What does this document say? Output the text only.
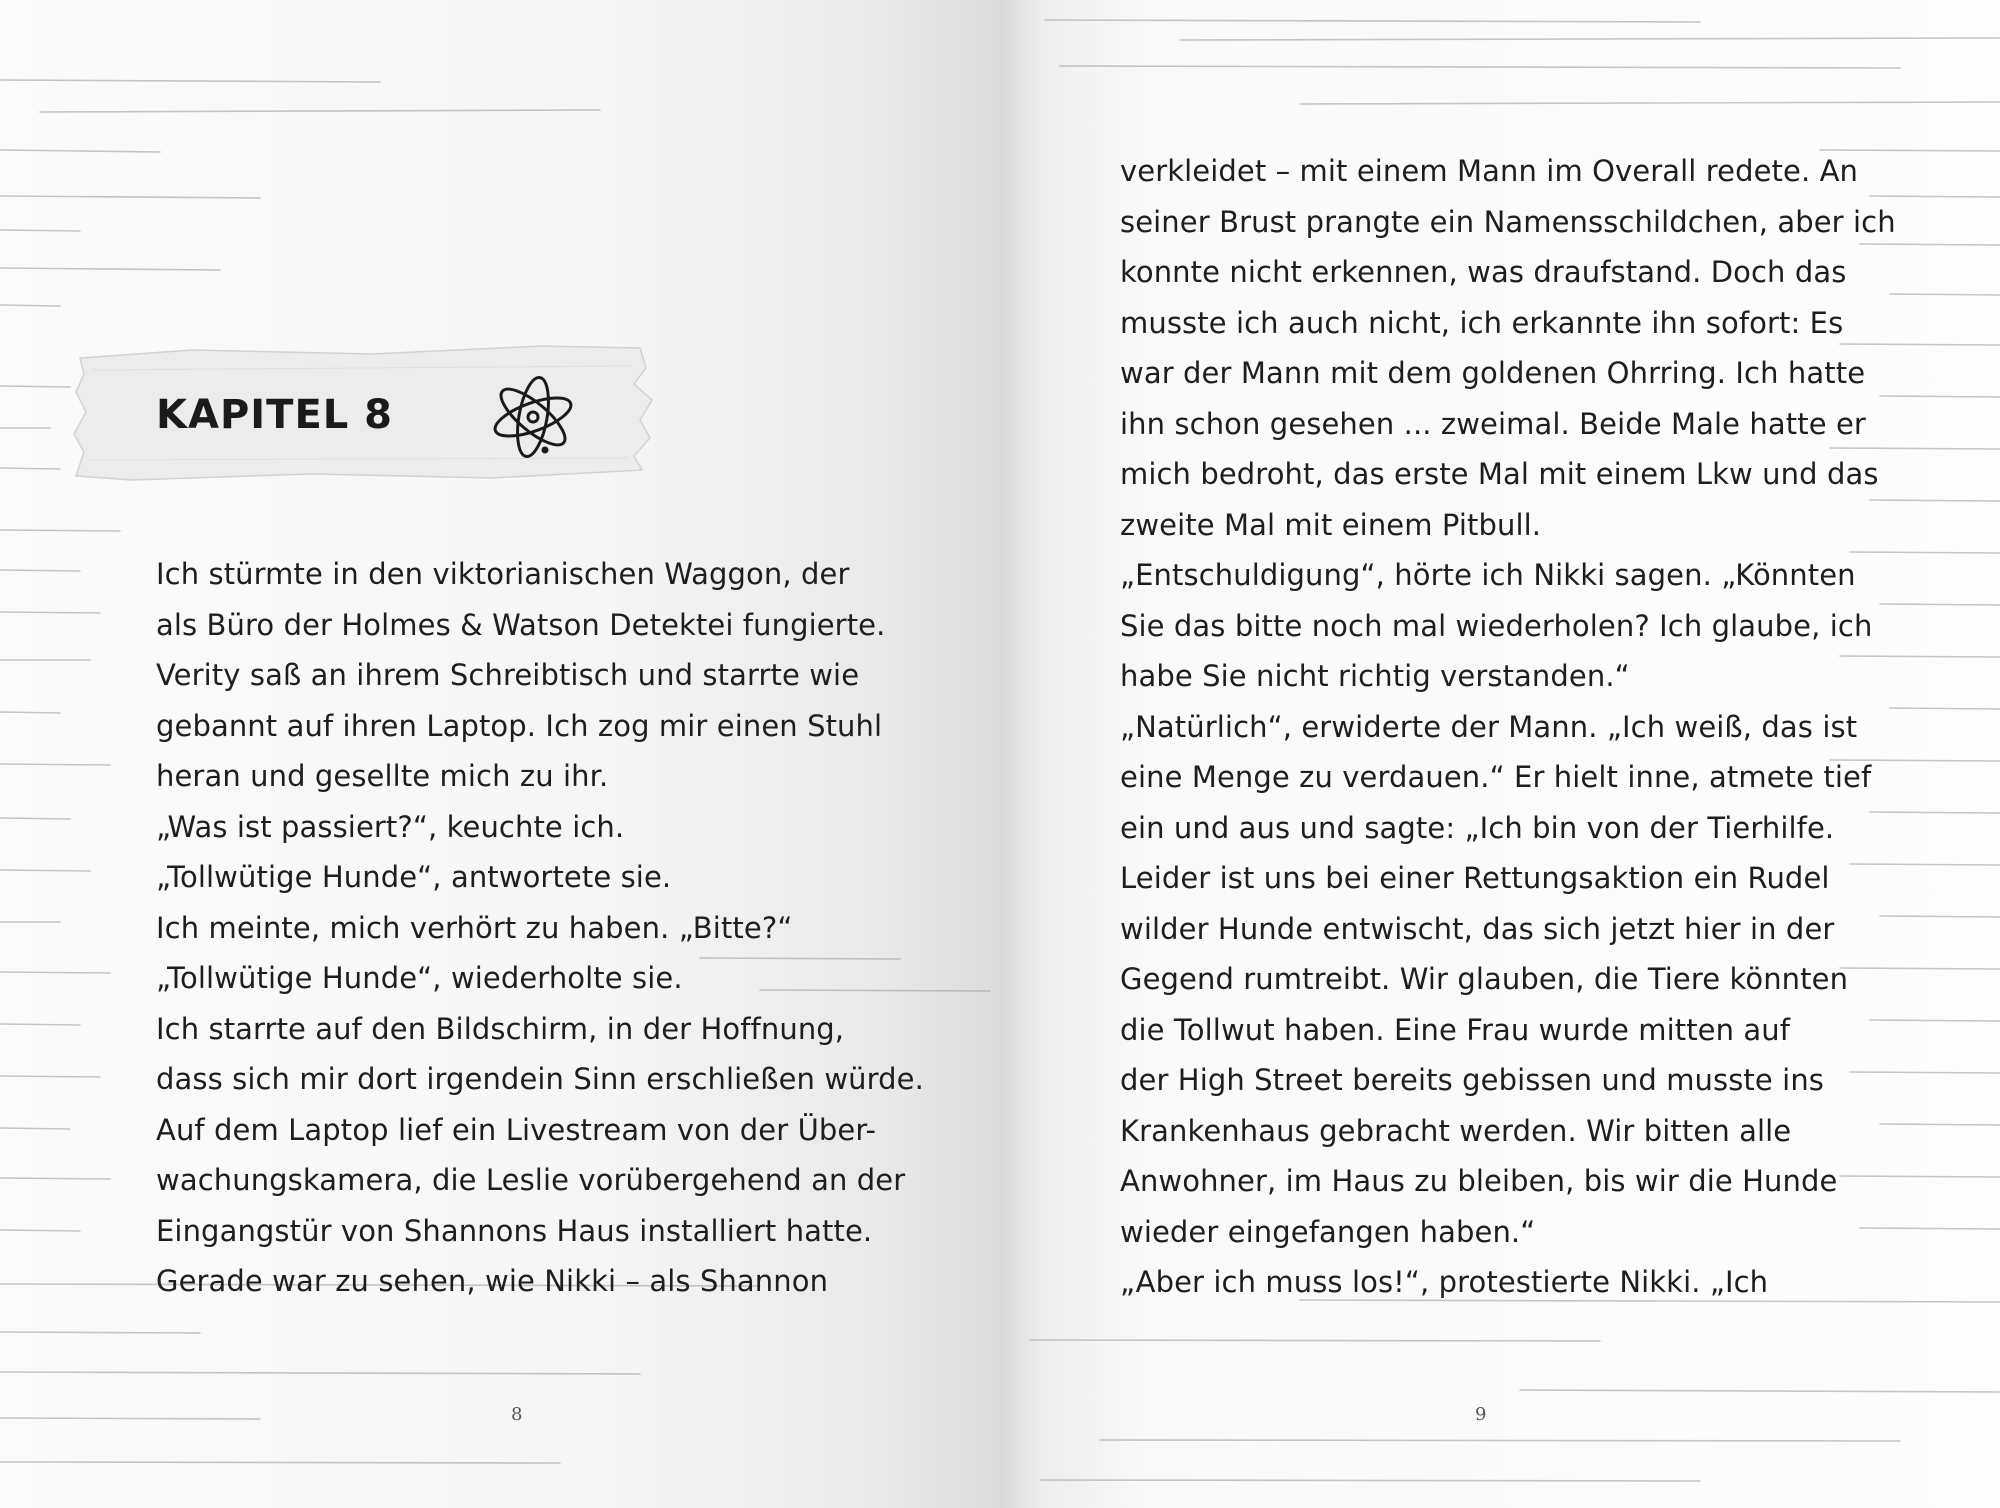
KAPITEL 8
Ich stürmte in den viktorianischen Waggon, der
als Büro der Holmes & Watson Detektei fungierte.
Verity saß an ihrem Schreibtisch und starrte wie
gebannt auf ihren Laptop. Ich zog mir einen Stuhl
heran und gesellte mich zu ihr.
„Was ist passiert?“, keuchte ich.
„Tollwütige Hunde“, antwortete sie.
Ich meinte, mich verhört zu haben. „Bitte?“
„Tollwütige Hunde“, wiederholte sie.
Ich starrte auf den Bildschirm, in der Hoffnung,
dass sich mir dort irgendein Sinn erschließen würde.
Auf dem Laptop lief ein Livestream von der Über-
wachungskamera, die Leslie vorübergehend an der
Eingangstür von Shannons Haus installiert hatte.
Gerade war zu sehen, wie Nikki – als Shannon
8
verkleidet – mit einem Mann im Overall redete. An
seiner Brust prangte ein Namensschildchen, aber ich
konnte nicht erkennen, was draufstand. Doch das
musste ich auch nicht, ich erkannte ihn sofort: Es
war der Mann mit dem goldenen Ohrring. Ich hatte
ihn schon gesehen ... zweimal. Beide Male hatte er
mich bedroht, das erste Mal mit einem Lkw und das
zweite Mal mit einem Pitbull.
„Entschuldigung“, hörte ich Nikki sagen. „Könnten
Sie das bitte noch mal wiederholen? Ich glaube, ich
habe Sie nicht richtig verstanden.“
„Natürlich“, erwiderte der Mann. „Ich weiß, das ist
eine Menge zu verdauen.“ Er hielt inne, atmete tief
ein und aus und sagte: „Ich bin von der Tierhilfe.
Leider ist uns bei einer Rettungsaktion ein Rudel
wilder Hunde entwischt, das sich jetzt hier in der
Gegend rumtreibt. Wir glauben, die Tiere könnten
die Tollwut haben. Eine Frau wurde mitten auf
der High Street bereits gebissen und musste ins
Krankenhaus gebracht werden. Wir bitten alle
Anwohner, im Haus zu bleiben, bis wir die Hunde
wieder eingefangen haben.“
„Aber ich muss los!“, protestierte Nikki. „Ich
9
